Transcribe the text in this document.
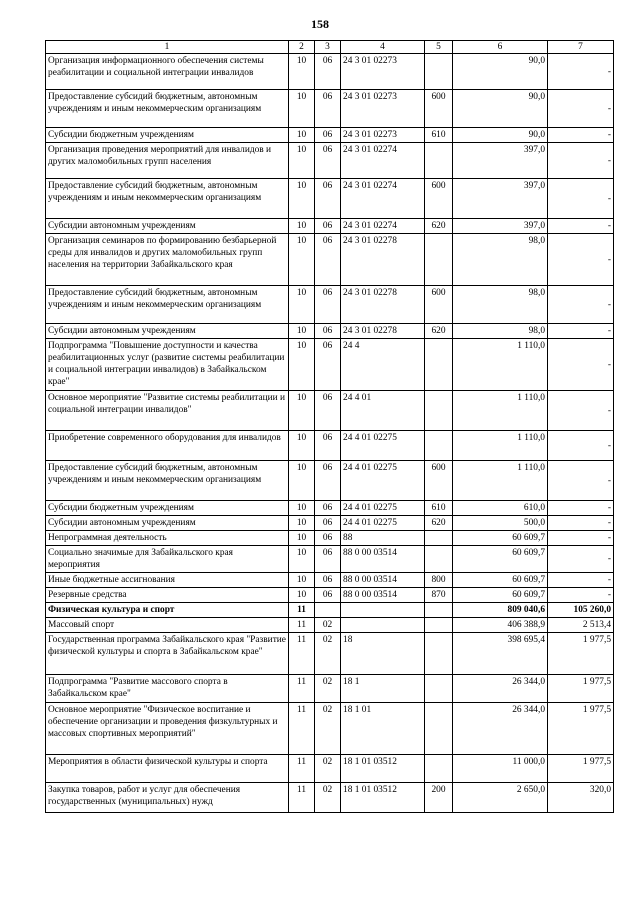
158
1	2	3	4	5	6	7
Организация информационного обеспечения системы реабилитации и социальной интеграции инвалидов	10	06	24 3 01 02273		90,0	-
Предоставление субсидий бюджетным, автономным учреждениям и иным некоммерческим организациям	10	06	24 3 01 02273	600	90,0	-
Субсидии бюджетным учреждениям	10	06	24 3 01 02273	610	90,0	-
Организация проведения мероприятий для инвалидов и других маломобильных групп населения	10	06	24 3 01 02274		397,0	-
Предоставление субсидий бюджетным, автономным учреждениям и иным некоммерческим организациям	10	06	24 3 01 02274	600	397,0	-
Субсидии автономным учреждениям	10	06	24 3 01 02274	620	397,0	-
Организация семинаров по формированию безбарьерной среды для инвалидов и других маломобильных групп населения на территории Забайкальского края	10	06	24 3 01 02278		98,0	-
Предоставление субсидий бюджетным, автономным учреждениям и иным некоммерческим организациям	10	06	24 3 01 02278	600	98,0	-
Субсидии автономным учреждениям	10	06	24 3 01 02278	620	98,0	-
Подпрограмма "Повышение доступности и качества реабилитационных услуг (развитие системы реабилитации и социальной интеграции инвалидов) в Забайкальском крае"	10	06	24 4		1 110,0	-
Основное мероприятие "Развитие системы реабилитации и социальной интеграции инвалидов"	10	06	24 4 01		1 110,0	-
Приобретение современного оборудования для инвалидов	10	06	24 4 01 02275		1 110,0	-
Предоставление субсидий бюджетным, автономным учреждениям и иным некоммерческим организациям	10	06	24 4 01 02275	600	1 110,0	-
Субсидии бюджетным учреждениям	10	06	24 4 01 02275	610	610,0	-
Субсидии автономным учреждениям	10	06	24 4 01 02275	620	500,0	-
Непрограммная деятельность	10	06	88		60 609,7	-
Социально значимые для Забайкальского края мероприятия	10	06	88 0 00 03514		60 609,7	-
Иные бюджетные ассигнования	10	06	88 0 00 03514	800	60 609,7	-
Резервные средства	10	06	88 0 00 03514	870	60 609,7	-
Физическая культура и спорт	11				809 040,6	105 260,0
Массовый спорт	11	02			406 388,9	2 513,4
Государственная программа Забайкальского края "Развитие физической культуры и спорта в Забайкальском крае"	11	02	18		398 695,4	1 977,5
Подпрограмма "Развитие массового спорта в Забайкальском крае"	11	02	18 1		26 344,0	1 977,5
Основное мероприятие "Физическое воспитание и обеспечение организации и проведения физкультурных и массовых спортивных мероприятий"	11	02	18 1 01		26 344,0	1 977,5
Мероприятия в области физической культуры и спорта	11	02	18 1 01 03512		11 000,0	1 977,5
Закупка товаров, работ и услуг для обеспечения государственных (муниципальных) нужд	11	02	18 1 01 03512	200	2 650,0	320,0
